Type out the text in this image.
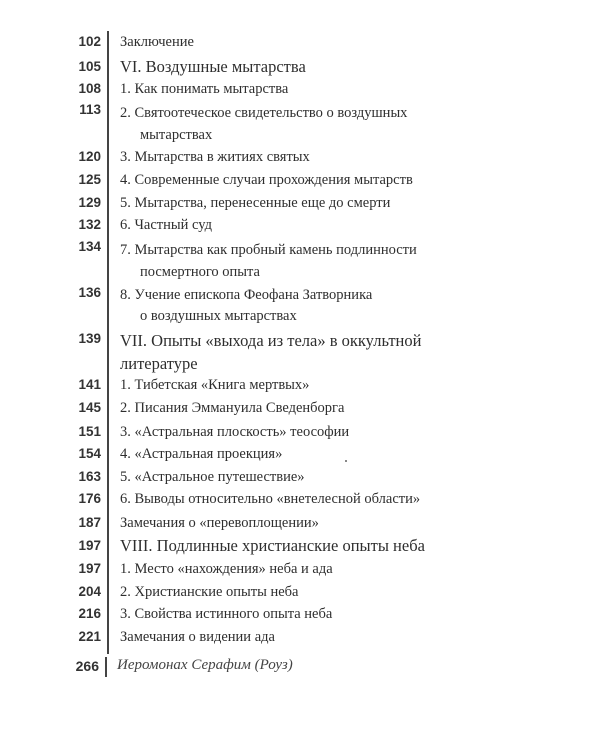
102 Заключение
105 VI. Воздушные мытарства
108 1. Как понимать мытарства
113 2. Святоотеческое свидетельство о воздушных
мытарствах
120 3. Мытарства в житиях святых
125 4. Современные случаи прохождения мытарств
129 5. Мытарства, перенесенные еще до смерти
132 6. Частный суд
134 7. Мытарства как пробный камень подлинности
посмертного опыта
136 8. Учение епископа Феофана Затворника
о воздушных мытарствах
139 VII. Опыты «выхода из тела» в оккультной
литературе
141 1. Тибетская «Книга мертвых»
145 2. Писания Эммануила Сведенборга
151 3. «Астральная плоскость» теософии
154 4. «Астральная проекция»
163 5. «Астральное путешествие»
176 6. Выводы относительно «внетелесной области»
187 Замечания о «перевоплощении»
197 VIII. Подлинные христианские опыты неба
197 1. Место «нахождения» неба и ада
204 2. Христианские опыты неба
216 3. Свойства истинного опыта неба
221 Замечания о видении ада
266 Иеромонах Серафим (Роуз)
